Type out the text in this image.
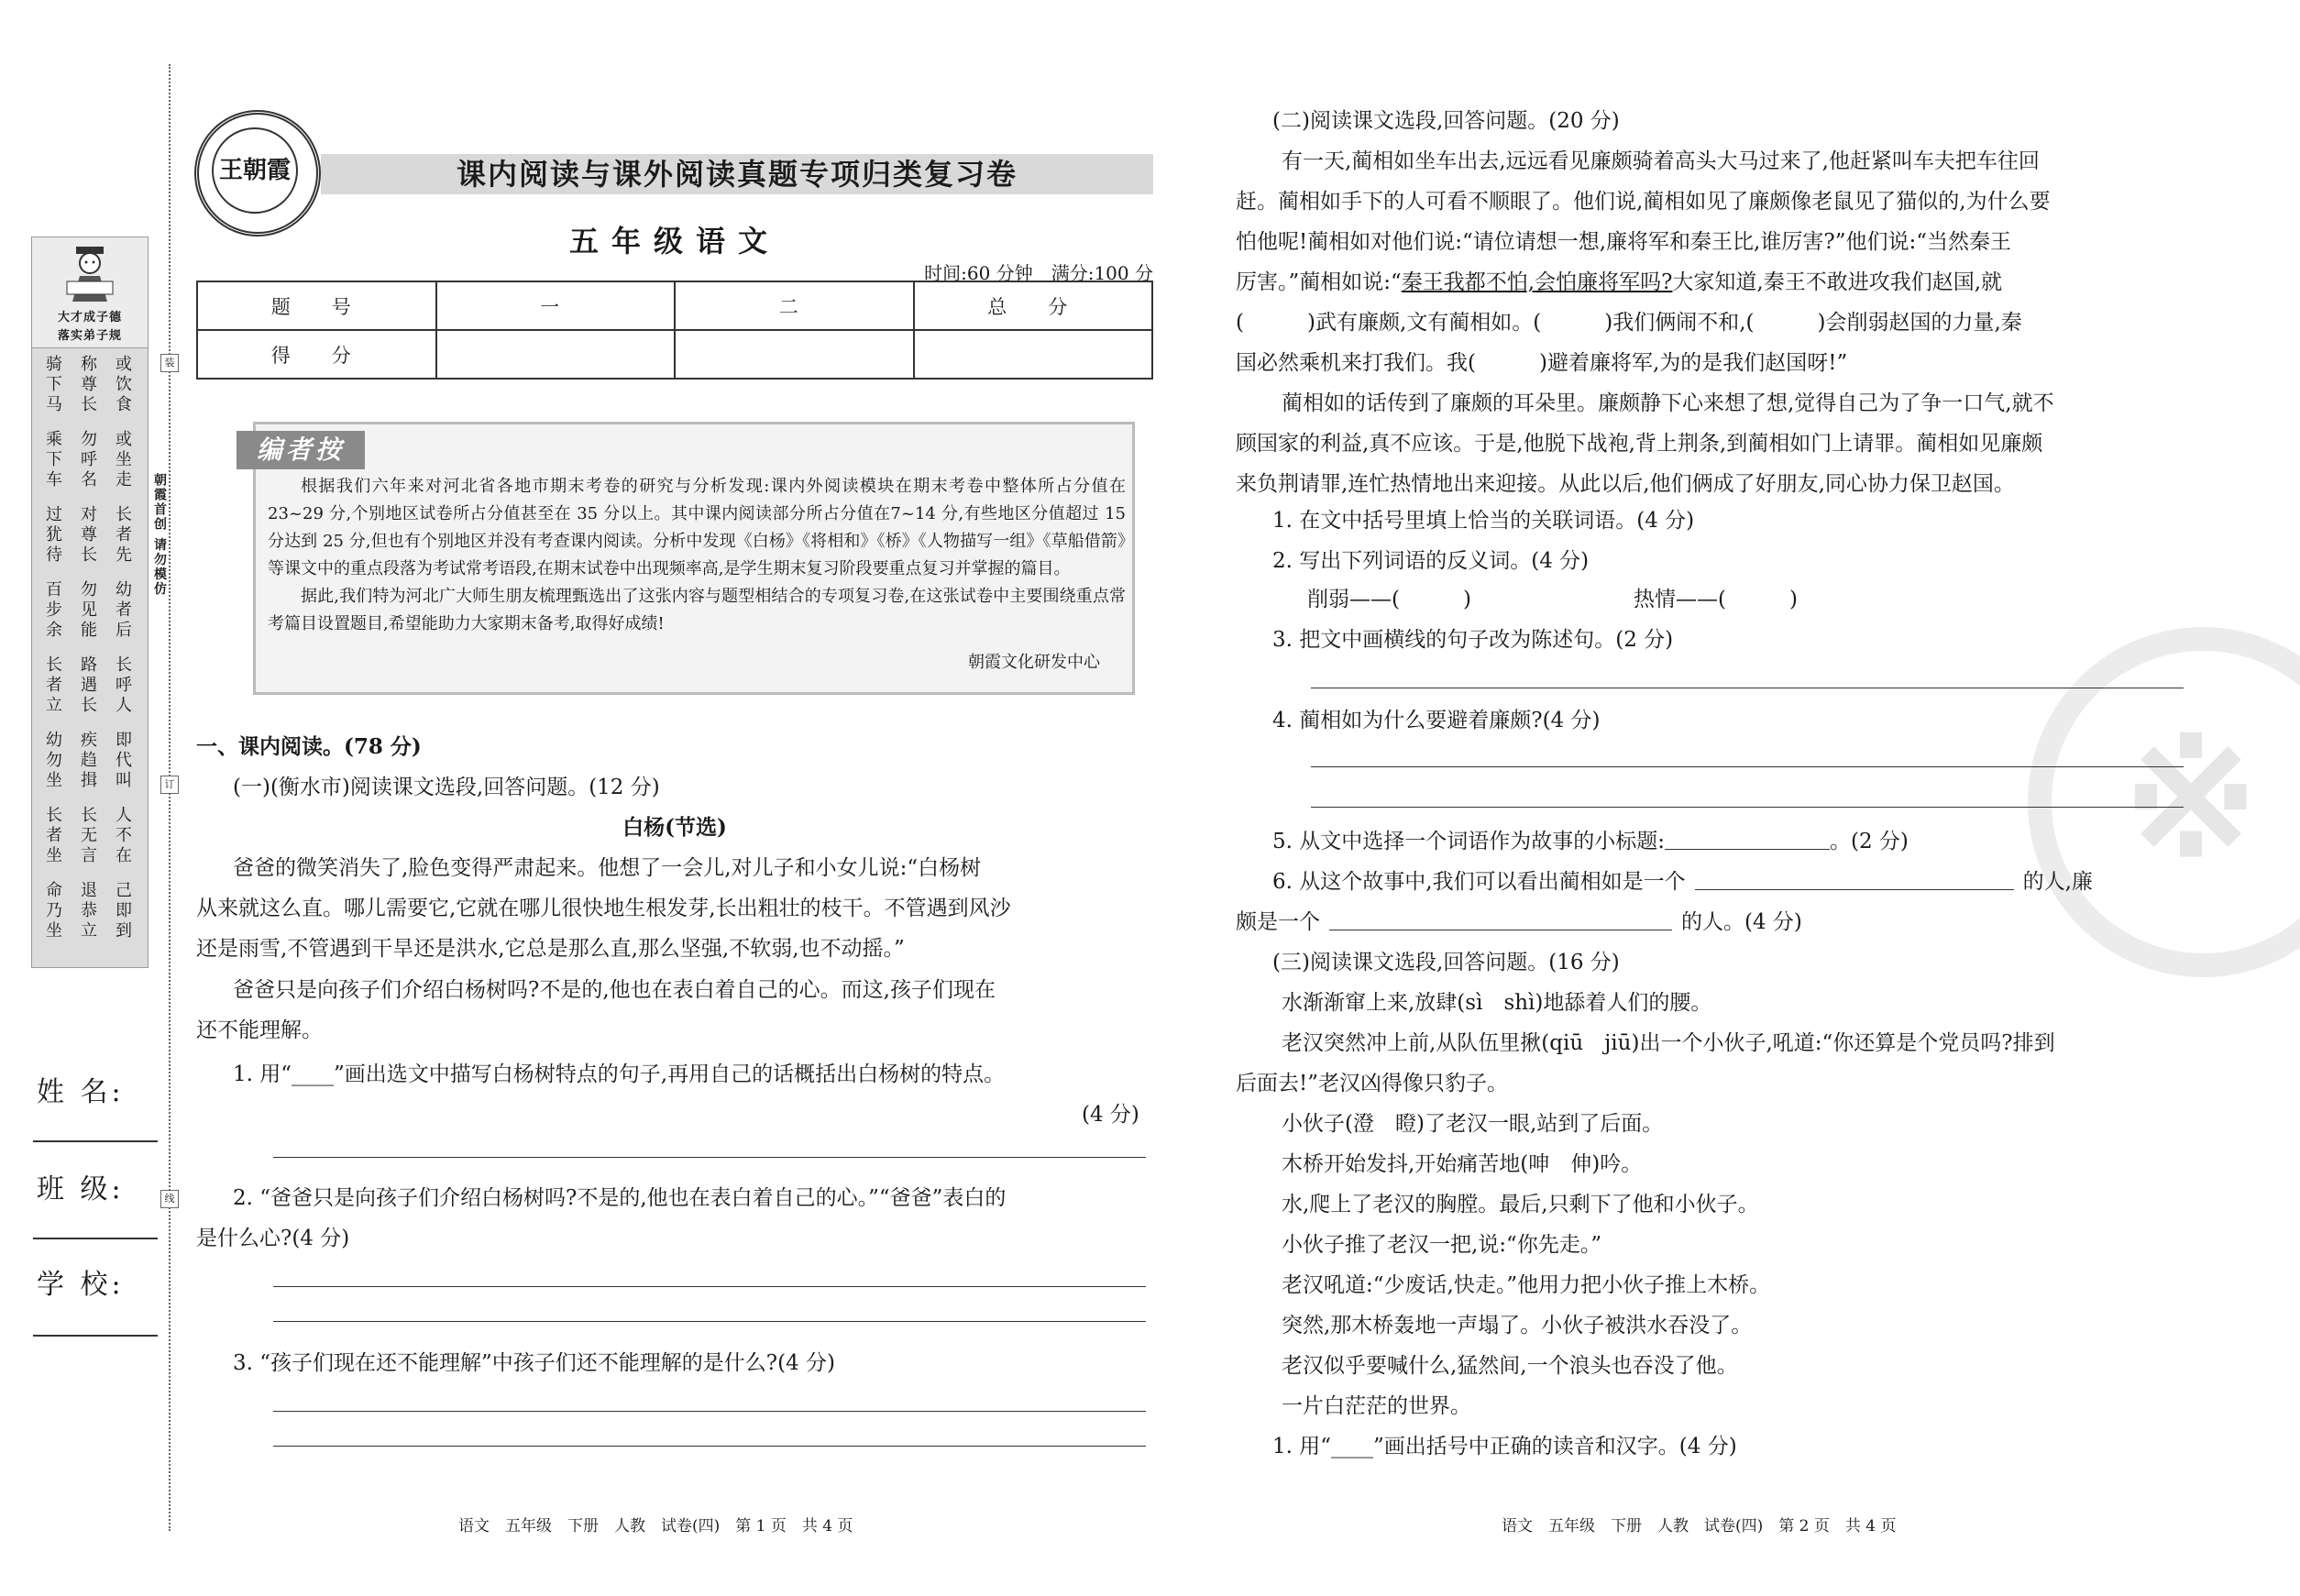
大才成子德
落实弟子规
或
饮
食
称
尊
长
骑
下
马
或
坐
走
勿
呼
名
乘
下
车
长
者
先
对
尊
长
过
犹
待
幼
者
后
勿
见
能
百
步
余
长
呼
人
路
遇
长
长
者
立
即
代
叫
疾
趋
揖
幼
勿
坐
人
不
在
长
无
言
长
者
坐
己
即
到
退
恭
立
命
乃
坐
朝霞首创 请勿模仿
装
订
线
姓 名:
班 级:
学 校:
课内阅读与课外阅读真题专项归类复习卷
王朝霞
五年级语文
时间:60 分钟　满分:100 分
题　号	一	二	总　分
得　分			
编者按
根据我们六年来对河北省各地市期末考卷的研究与分析发现:课内外阅读模块在期末考卷中整体所占分值在 23~29 分,个别地区试卷所占分值甚至在 35 分以上。其中课内阅读部分所占分值在7~14 分,有些地区分值超过 15 分达到 25 分,但也有个别地区并没有考查课内阅读。分析中发现《白杨》《将相和》《桥》《人物描写一组》《草船借箭》等课文中的重点段落为考试常考语段,在期末试卷中出现频率高,是学生期末复习阶段要重点复习并掌握的篇目。
据此,我们特为河北广大师生朋友梳理甄选出了这张内容与题型相结合的专项复习卷,在这张试卷中主要围绕重点常考篇目设置题目,希望能助力大家期末备考,取得好成绩!
朝霞文化研发中心
一、课内阅读。(78 分)
(一)(衡水市)阅读课文选段,回答问题。(12 分)
白杨(节选)
爸爸的微笑消失了,脸色变得严肃起来。他想了一会儿,对儿子和小女儿说:“白杨树
从来就这么直。哪儿需要它,它就在哪儿很快地生根发芽,长出粗壮的枝干。不管遇到风沙
还是雨雪,不管遇到干旱还是洪水,它总是那么直,那么坚强,不软弱,也不动摇。”
爸爸只是向孩子们介绍白杨树吗?不是的,他也在表白着自己的心。而这,孩子们现在
还不能理解。
1. 用“____”画出选文中描写白杨树特点的句子,再用自己的话概括出白杨树的特点。
(4 分)
2. “爸爸只是向孩子们介绍白杨树吗?不是的,他也在表白着自己的心。”“爸爸”表白的
是什么心?(4 分)
3. “孩子们现在还不能理解”中孩子们还不能理解的是什么?(4 分)
语文　五年级　下册　人教　试卷(四)　第 1 页　共 4 页
※
(二)阅读课文选段,回答问题。(20 分)
有一天,蔺相如坐车出去,远远看见廉颇骑着高头大马过来了,他赶紧叫车夫把车往回
赶。蔺相如手下的人可看不顺眼了。他们说,蔺相如见了廉颇像老鼠见了猫似的,为什么要
怕他呢!蔺相如对他们说:“请位请想一想,廉将军和秦王比,谁厉害?”他们说:“当然秦王
厉害。”蔺相如说:“秦王我都不怕,会怕廉将军吗?大家知道,秦王不敢进攻我们赵国,就
(　　　)武有廉颇,文有蔺相如。(　　　)我们俩闹不和,(　　　)会削弱赵国的力量,秦
国必然乘机来打我们。我(　　　)避着廉将军,为的是我们赵国呀!”
蔺相如的话传到了廉颇的耳朵里。廉颇静下心来想了想,觉得自己为了争一口气,就不
顾国家的利益,真不应该。于是,他脱下战袍,背上荆条,到蔺相如门上请罪。蔺相如见廉颇
来负荆请罪,连忙热情地出来迎接。从此以后,他们俩成了好朋友,同心协力保卫赵国。
1. 在文中括号里填上恰当的关联词语。(4 分)
2. 写出下列词语的反义词。(4 分)
削弱——(　　　)	热情——(　　　)
3. 把文中画横线的句子改为陈述句。(2 分)
4. 蔺相如为什么要避着廉颇?(4 分)
5. 从文中选择一个词语作为故事的小标题:	。(2 分)
6. 从这个故事中,我们可以看出蔺相如是一个	的人,廉
颇是一个	的人。(4 分)
(三)阅读课文选段,回答问题。(16 分)
水渐渐窜上来,放肆(sì　shì)地舔着人们的腰。
老汉突然冲上前,从队伍里揪(qiū　jiū)出一个小伙子,吼道:“你还算是个党员吗?排到
后面去!”老汉凶得像只豹子。
小伙子(澄　瞪)了老汉一眼,站到了后面。
木桥开始发抖,开始痛苦地(呻　伸)吟。
水,爬上了老汉的胸膛。最后,只剩下了他和小伙子。
小伙子推了老汉一把,说:“你先走。”
老汉吼道:“少废话,快走。”他用力把小伙子推上木桥。
突然,那木桥轰地一声塌了。小伙子被洪水吞没了。
老汉似乎要喊什么,猛然间,一个浪头也吞没了他。
一片白茫茫的世界。
1. 用“____”画出括号中正确的读音和汉字。(4 分)
语文　五年级　下册　人教　试卷(四)　第 2 页　共 4 页
